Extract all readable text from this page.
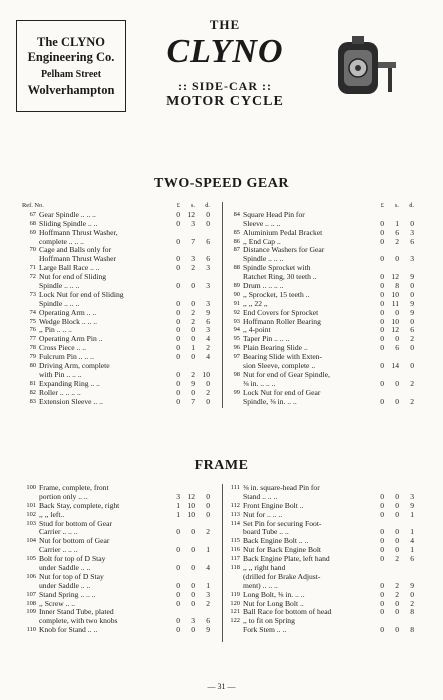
The CLYNO
Engineering Co.
Pelham Street
Wolverhampton
THE
CLYNO
:: SIDE-CAR ::
MOTOR CYCLE
TWO-SPEED GEAR
Ref. No.	£	s.	d.
67 Gear Spindle .. .. ..	0 12	0
68 Sliding Spindle .. ..	0	3	0
69 Hoffmann Thrust Washer,
complete .. .. ..	0	7	6
70 Cage and Balls only for
Hoffmann Thrust Washer	0	3	6
71 Large Ball Race .. ..	0	2	3
72 Nut for end of Sliding
Spindle .. .. ..	0	0	3
73 Lock Nut for end of Sliding
Spindle .. .. ..	0	0	3
74 Operating Arm .. ..	0	2	9
75 Wedge Block .. .. ..	0	2	6
76 ,, Pin .. .. ..	0	0	3
77 Operating Arm Pin ..	0	0	4
78 Cross Piece .. ..	0	1	2
79 Fulcrum Pin .. .. ..	0	0	4
80 Driving Arm, complete
with Pin .. .. ..	0	2 10
81 Expanding Ring .. ..	0	9	0
82 Roller .. .. .. ..	0	0	2
83 Extension Sleeve .. ..	0	7	0
£	s.	d.
84 Square Head Pin for
Sleeve .. .. ..	0	1	0
85 Aluminium Pedal Bracket	0	6	3
86 ,, End Cap ..	0	2	6
87 Distance Washers for Gear
Spindle .. .. ..	0	0	3
88 Spindle Sprocket with
Ratchet Ring, 30 teeth ..	0 12	9
89 Drum .. .. .. ..	0	8	0
90 ,, Sprocket, 15 teeth ..	0 10	0
91 ,, ,, 22 ,,	0	11	9
92 End Covers for Sprocket	0	0	9
93 Hoffmann Roller Bearing	0 10	0
94 ,, 4-point	0 12	6
95 Taper Pin .. .. ..	0	0	2
96 Plain Bearing Slide ..	0	6	0
97 Bearing Slide with Exten-
sion Sleeve, complete ..	0 14	0
98 Nut for end of Gear Spindle,
⅜ in. .. .. ..	0	0	2
99 Lock Nut for end of Gear
Spindle, ⅜ in. .. ..	0	0	2
FRAME
100 Frame, complete, front
portion only .. ..	3 12	0
101 Back Stay, complete, right	1 10	0
102 ,, ,, left..	1 10	0
103 Stud for bottom of Gear
Carrier .. .. ..	0	0	2
104 Nut for bottom of Gear
Carrier .. .. ..	0	0	1
105 Bolt for top of D Stay
under Saddle .. ..	0	0	4
106 Nut for top of D Stay
under Saddle .. ..	0	0	1
107 Stand Spring .. .. ..	0	0	3
108 ,, Screw .. ..	0	0	2
109 Inner Stand Tube, plated
complete, with two knobs	0	3	6
110 Knob for Stand .. ..	0	0	9
111 ⅜ in. square-head Pin for
Stand .. .. ..	0	0	3
112 Front Engine Bolt ..	0	0	9
113 Nut for .. .. ..	0	0	1
114 Set Pin for securing Foot-
board Tube .. ..	0	0	1
115 Back Engine Bolt .. ..	0	0	4
116 Nut for Back Engine Bolt	0	0	1
117 Back Engine Plate, left hand	0	2	6
118 ,, ,, right hand
(drilled for Brake Adjust-
ment) .. .. ..	0	2	9
119 Long Bolt, ⅜ in. .. ..	0	2	0
120 Nut for Long Bolt ..	0	0	2
121 Ball Race for bottom of head	0	0	8
122 ,, to fit on Spring
Fork Stem .. ..	0	0	8
— 31 —
